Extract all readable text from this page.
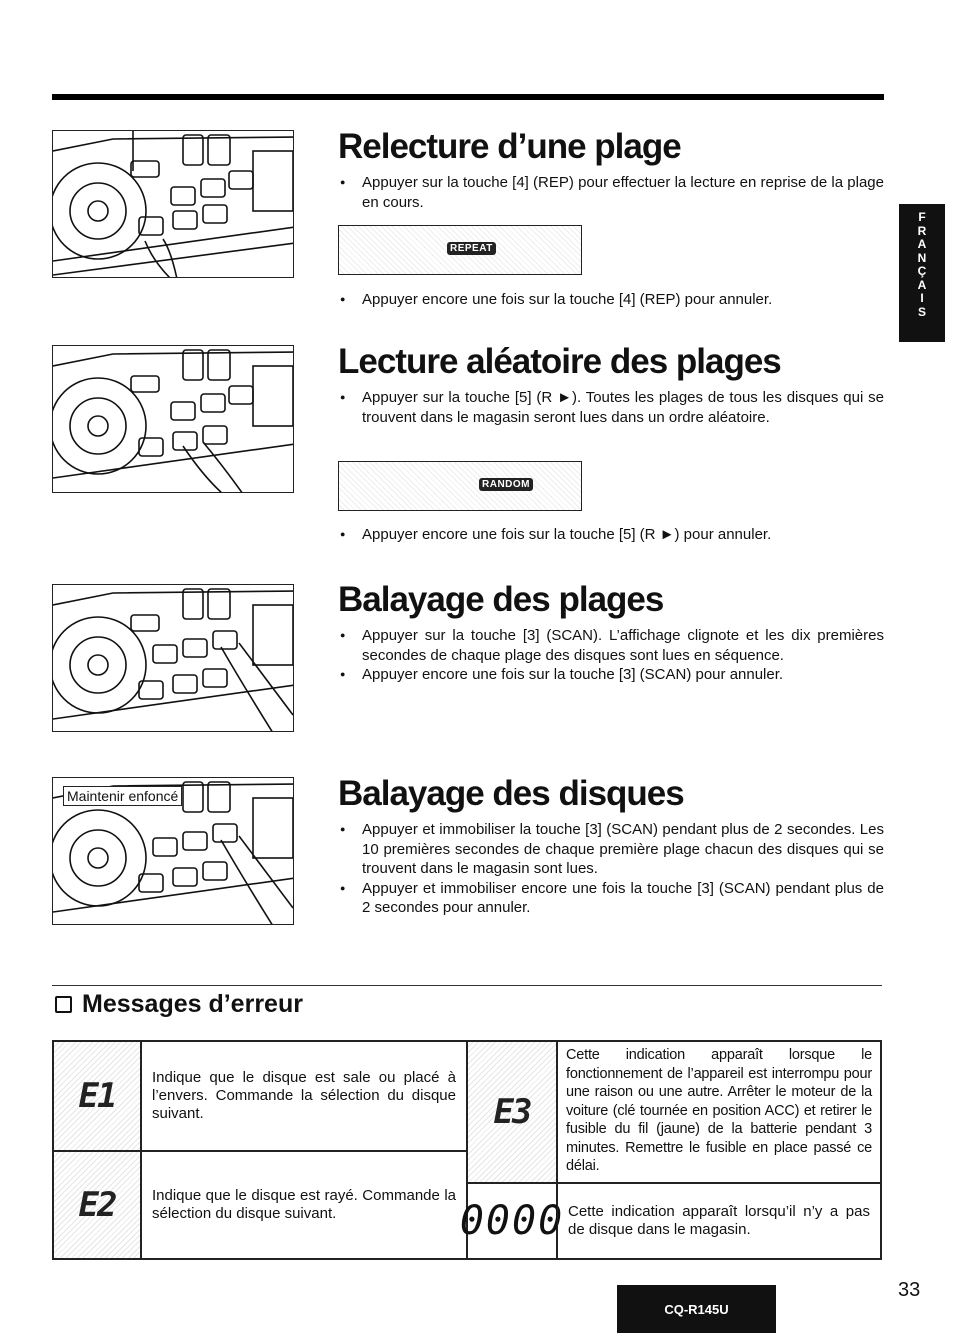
F
R
A
N
Ç
A
I
S
Maintenir enfoncé
Relecture d’une plage
● Appuyer sur la touche [4] (REP) pour effectuer la lecture en reprise de la plage en cours.
REPEAT
● Appuyer encore une fois sur la touche [4] (REP) pour annuler.
Lecture aléatoire des plages
● Appuyer sur la touche [5] (R ►). Toutes les plages de tous les disques qui se trouvent dans le magasin seront lues dans un ordre aléatoire.
RANDOM
● Appuyer encore une fois sur la touche [5] (R ►) pour annuler.
Balayage des plages
● Appuyer sur la touche [3] (SCAN). L’affichage clignote et les dix premières secondes de chaque plage des disques sont lues en séquence.
● Appuyer encore une fois sur la touche [3] (SCAN) pour annuler.
Balayage des disques
● Appuyer et immobiliser la touche [3] (SCAN) pendant plus de 2 secondes. Les 10 premières secondes de chaque première plage chacun des disques qui se trouvent dans le magasin sont lues.
● Appuyer et immobiliser encore une fois la touche [3] (SCAN) pendant plus de 2 secondes pour annuler.
Messages d’erreur
E1	Indique que le disque est sale ou placé à l’envers. Commande la sélection du disque suivant.
E2	Indique que le disque est rayé. Commande la sélection du disque suivant.
E3
Cette indication apparaît lorsque le fonctionnement de l’appareil est interrompu pour une raison ou une autre. Arrêter le moteur de la voiture (clé tournée en position ACC) et retirer le fusible du fil (jaune) de la batterie pendant 3 minutes. Remettre le fusible en place passé ce délai.
0000 Cette indication apparaît lorsqu’il n’y a pas de disque dans le magasin.
CQ-R145U
33
